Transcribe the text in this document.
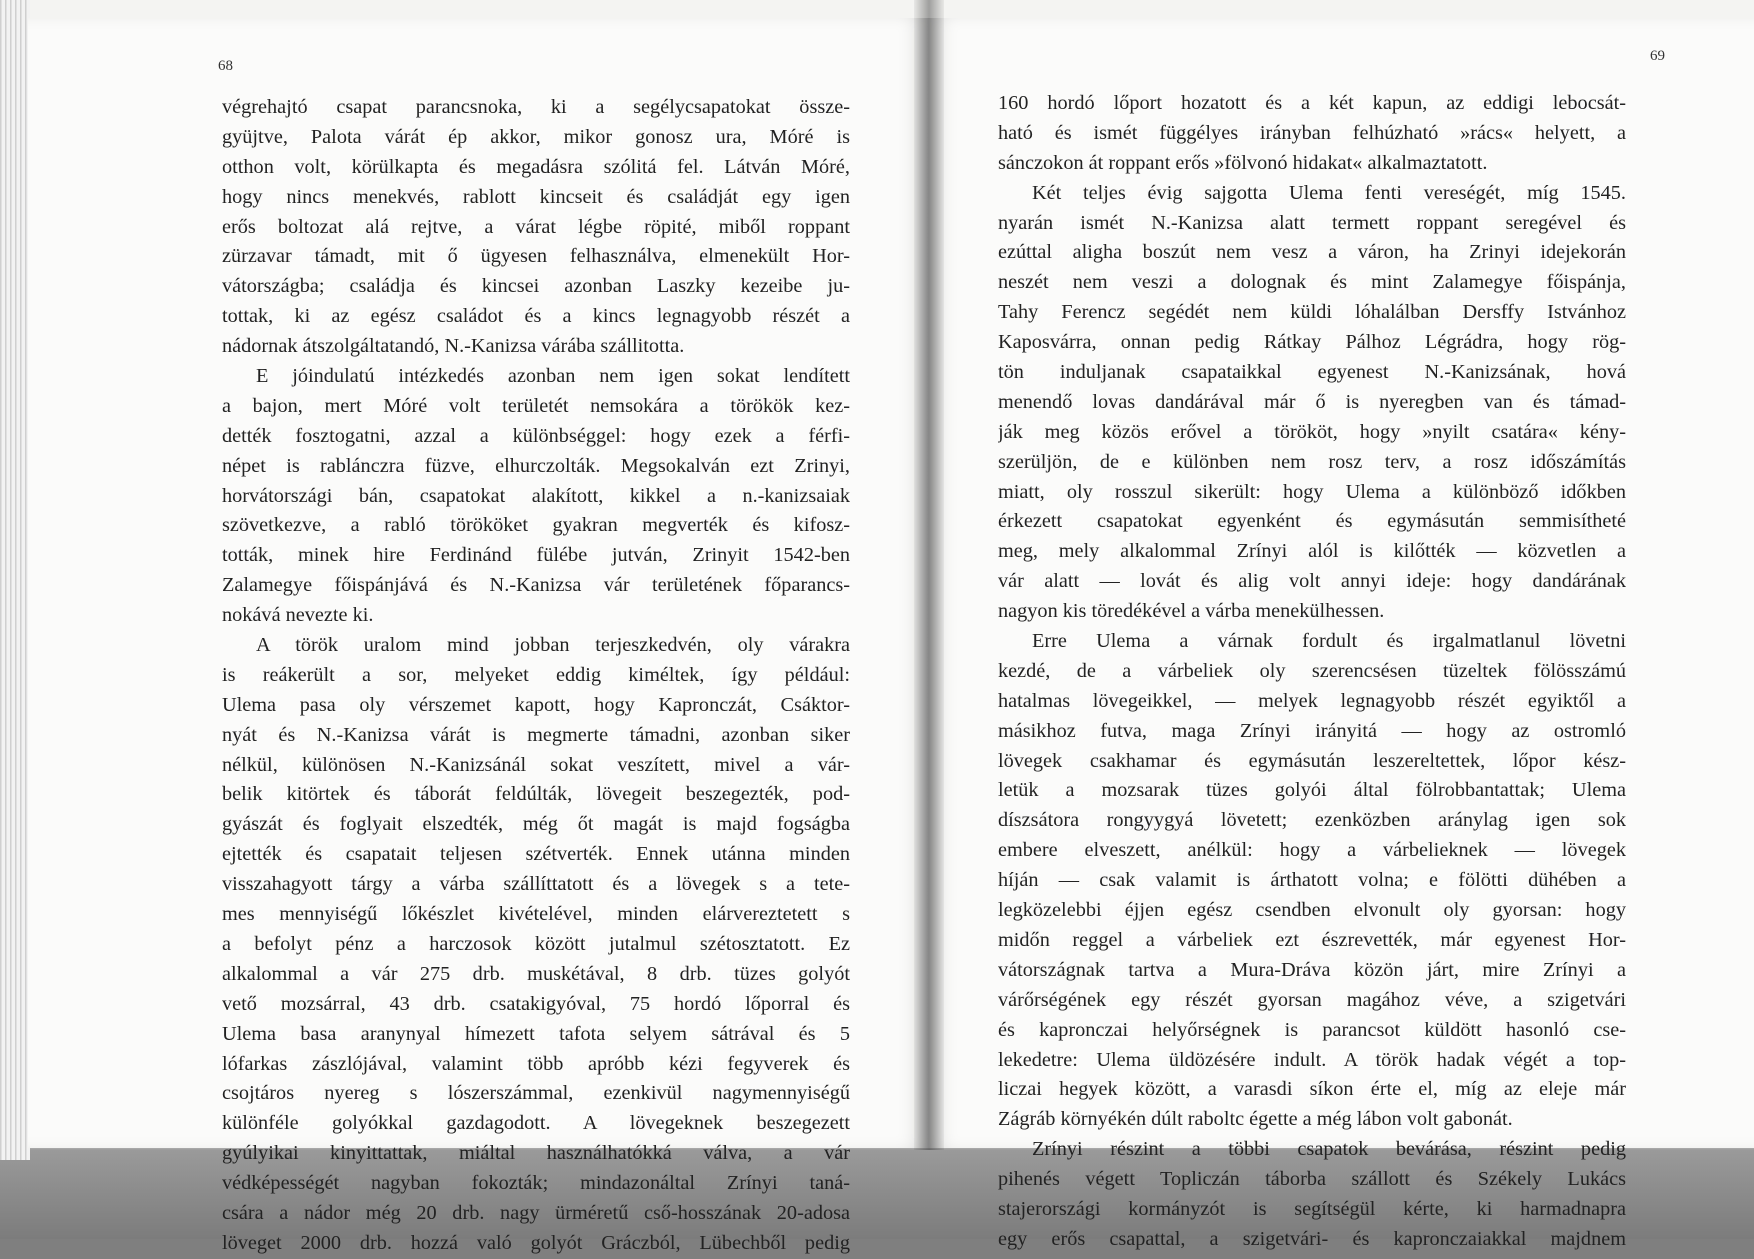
68
végrehajtó csapat parancsnoka, ki a segélycsapatokat össze-
gyüjtve, Palota várát ép akkor, mikor gonosz ura, Móré is
otthon volt, körülkapta és megadásra szólitá fel. Látván Móré,
hogy nincs menekvés, rablott kincseit és családját egy igen
erős boltozat alá rejtve, a várat légbe röpité, miből roppant
zürzavar támadt, mit ő ügyesen felhasználva, elmenekült Hor-
vátországba; családja és kincsei azonban Laszky kezeibe ju-
tottak, ki az egész családot és a kincs legnagyobb részét a
nádornak átszolgáltatandó, N.-Kanizsa várába szállitotta.
E jóindulatú intézkedés azonban nem igen sokat lendített
a bajon, mert Móré volt területét nemsokára a törökök kez-
dették fosztogatni, azzal a különbséggel: hogy ezek a férfi-
népet is rablánczra füzve, elhurczolták. Megsokalván ezt Zrinyi,
horvátországi bán, csapatokat alakított, kikkel a n.-kanizsaiak
szövetkezve, a rabló törököket gyakran megverték és kifosz-
tották, minek hire Ferdinánd fülébe jutván, Zrinyit 1542-ben
Zalamegye főispánjává és N.-Kanizsa vár területének főparancs-
nokává nevezte ki.
A török uralom mind jobban terjeszkedvén, oly várakra
is reákerült a sor, melyeket eddig kiméltek, így például:
Ulema pasa oly vérszemet kapott, hogy Kapronczát, Csáktor-
nyát és N.-Kanizsa várát is megmerte támadni, azonban siker
nélkül, különösen N.-Kanizsánál sokat veszített, mivel a vár-
belik kitörtek és táborát feldúlták, lövegeit beszegezték, pod-
gyászát és foglyait elszedték, még őt magát is majd fogságba
ejtették és csapatait teljesen szétverték. Ennek utánna minden
visszahagyott tárgy a várba szállíttatott és a lövegek s a tete-
mes mennyiségű lőkészlet kivételével, minden elárvereztetett s
a befolyt pénz a harczosok között jutalmul szétosztatott. Ez
alkalommal a vár 275 drb. muskétával, 8 drb. tüzes golyót
vető mozsárral, 43 drb. csatakigyóval, 75 hordó lőporral és
Ulema basa aranynyal hímezett tafota selyem sátrával és 5
lófarkas zászlójával, valamint több apróbb kézi fegyverek és
csojtáros nyereg s lószerszámmal, ezenkivül nagymennyiségű
különféle golyókkal gazdagodott. A lövegeknek beszegezett
gyúlyikai kinyittattak, miáltal használhatókká válva, a vár
védképességét nagyban fokozták; mindazonáltal Zrínyi taná-
csára a nádor még 20 drb. nagy ürméretű cső-hosszának 20-adosa
löveget 2000 drb. hozzá való golyót Gráczból, Lübechből pedig
69
160 hordó lőport hozatott és a két kapun, az eddigi lebocsát-
ható és ismét függélyes irányban felhúzható »rács« helyett, a
sánczokon át roppant erős »fölvonó hidakat« alkalmaztatott.
Két teljes évig sajgotta Ulema fenti vereségét, míg 1545.
nyarán ismét N.-Kanizsa alatt termett roppant seregével és
ezúttal aligha boszút nem vesz a váron, ha Zrinyi idejekorán
neszét nem veszi a dolognak és mint Zalamegye főispánja,
Tahy Ferencz segédét nem küldi lóhalálban Dersffy Istvánhoz
Kaposvárra, onnan pedig Rátkay Pálhoz Légrádra, hogy rög-
tön induljanak csapataikkal egyenest N.-Kanizsának, hová
menendő lovas dandárával már ő is nyeregben van és támad-
ják meg közös erővel a törököt, hogy »nyilt csatára« kény-
szerüljön, de e különben nem rosz terv, a rosz időszámítás
miatt, oly rosszul sikerült: hogy Ulema a különböző időkben
érkezett csapatokat egyenként és egymásután semmisítheté
meg, mely alkalommal Zrínyi alól is kilőtték — közvetlen a
vár alatt — lovát és alig volt annyi ideje: hogy dandárának
nagyon kis töredékével a várba menekülhessen.
Erre Ulema a várnak fordult és irgalmatlanul lövetni
kezdé, de a várbeliek oly szerencsésen tüzeltek fölösszámú
hatalmas lövegeikkel, — melyek legnagyobb részét egyiktől a
másikhoz futva, maga Zrínyi irányitá — hogy az ostromló
lövegek csakhamar és egymásután leszereltettek, lőpor kész-
letük a mozsarak tüzes golyói által fölrobbantattak; Ulema
díszsátora rongyygyá lövetett; ezenközben aránylag igen sok
embere elveszett, anélkül: hogy a várbelieknek — lövegek
híján — csak valamit is árthatott volna; e fölötti dühében a
legközelebbi éjjen egész csendben elvonult oly gyorsan: hogy
midőn reggel a várbeliek ezt észrevették, már egyenest Hor-
vátországnak tartva a Mura-Dráva közön járt, mire Zrínyi a
várőrségének egy részét gyorsan magához véve, a szigetvári
és kapronczai helyőrségnek is parancsot küldött hasonló cse-
lekedetre: Ulema üldözésére indult. A török hadak végét a top-
liczai hegyek között, a varasdi síkon érte el, míg az eleje már
Zágráb környékén dúlt raboltс égette a még lábon volt gabonát.
Zrínyi részint a többi csapatok bevárása, részint pedig
pihenés végett Topliczán táborba szállott és Székely Lukács
stajerországi kormányzót is segítségül kérte, ki harmadnapra
egy erős csapattal, a szigetvári- és kapronczaiakkal majdnem
